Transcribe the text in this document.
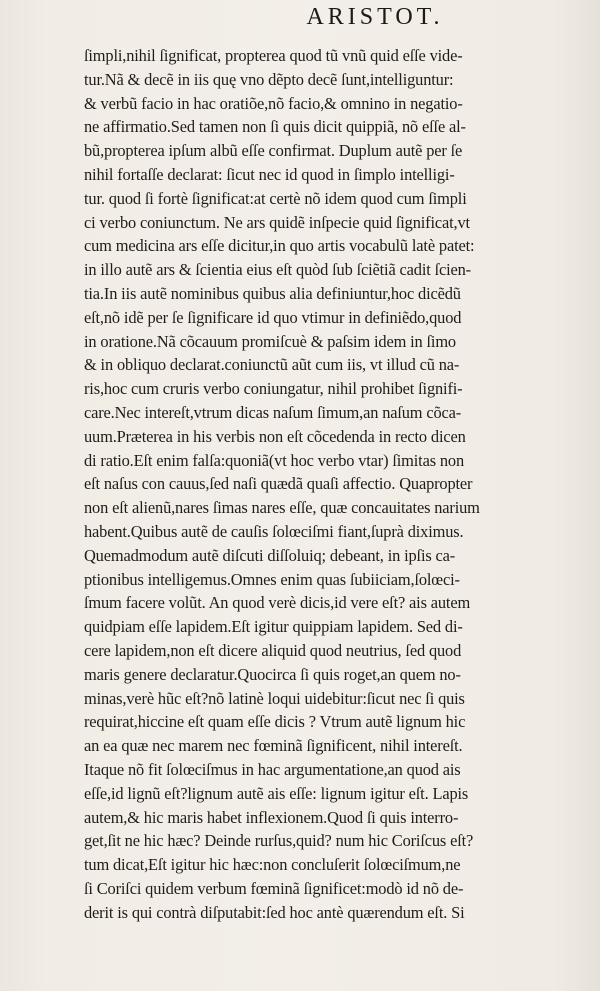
ARISTOT.
ſimpli,nihil ſignificat, propterea quod tũ vnũ quid eſſe vide-
tur.Nã & decẽ in iis quę vno dẽpto decẽ ſunt,intelliguntur:
& verbũ facio in hac oratiõe,nõ facio,& omnino in negatio-
ne affirmatio.Sed tamen non ſi quis dicit quippiã, nõ eſſe al-
bũ,propterea ipſum albũ eſſe confirmat. Duplum autẽ per ſe
nihil fortaſſe declarat: ſicut nec id quod in ſimplo intelligi-
tur. quod ſi fortè ſignificat:at certè nõ idem quod cum ſimpli
ci verbo coniunctum. Ne ars quidẽ inſpecie quid ſignificat,vt
cum medicina ars eſſe dicitur,in quo artis vocabulũ latè patet:
in illo autẽ ars & ſcientia eius eſt quòd ſub ſciẽtiã cadit ſcien-
tia.In iis autẽ nominibus quibus alia definiuntur,hoc dicẽdũ
eſt,nõ idẽ per ſe ſignificare id quo vtimur in definiẽdo,quod
in oratione.Nã cõcauum promiſcuè & paſsim idem in ſimo
& in obliquo declarat.coniunctũ aũt cum iis, vt illud cũ na-
ris,hoc cum cruris verbo coniungatur, nihil prohibet ſignifi-
care.Nec intereſt,vtrum dicas naſum ſimum,an naſum cõca-
uum.Præterea in his verbis non eſt cõcedenda in recto dicen
di ratio.Eſt enim falſa:quoniã(vt hoc verbo vtar) ſimitas non
eſt naſus con cauus,ſed naſi quædã quaſi affectio. Quapropter
non eſt alienũ,nares ſimas nares eſſe, quæ concauitates narium
habent.Quibus autẽ de cauſis ſolœciſmi fiant,ſuprà diximus.
Quemadmodum autẽ diſcuti diſſoluiq; debeant, in ipſis ca-
ptionibus intelligemus.Omnes enim quas ſubiiciam,ſolœci-
ſmum facere volũt. An quod verè dicis,id vere eſt? ais autem
quidpiam eſſe lapidem.Eſt igitur quippiam lapidem. Sed di-
cere lapidem,non eſt dicere aliquid quod neutrius, ſed quod
maris genere declaratur.Quocirca ſi quis roget,an quem no-
minas,verè hũc eſt?nõ latinè loqui uidebitur:ſicut nec ſi quis
requirat,hiccine eſt quam eſſe dicis ? Vtrum autẽ lignum hic
an ea quæ nec marem nec fœminã ſignificent, nihil intereſt.
Itaque nõ fit ſolœciſmus in hac argumentatione,an quod ais
eſſe,id lignũ eſt?lignum autẽ ais eſſe: lignum igitur eſt. Lapis
autem,& hic maris habet inflexionem.Quod ſi quis interro-
get,ſit ne hic hæc? Deinde rurſus,quid? num hic Coriſcus eſt?
tum dicat,Eſt igitur hic hæc:non concluſerit ſolœciſmum,ne
ſi Coriſci quidem verbum fœminã ſignificet:modò id nõ de-
derit is qui contrà diſputabit:ſed hoc antè quærendum eſt. Si
